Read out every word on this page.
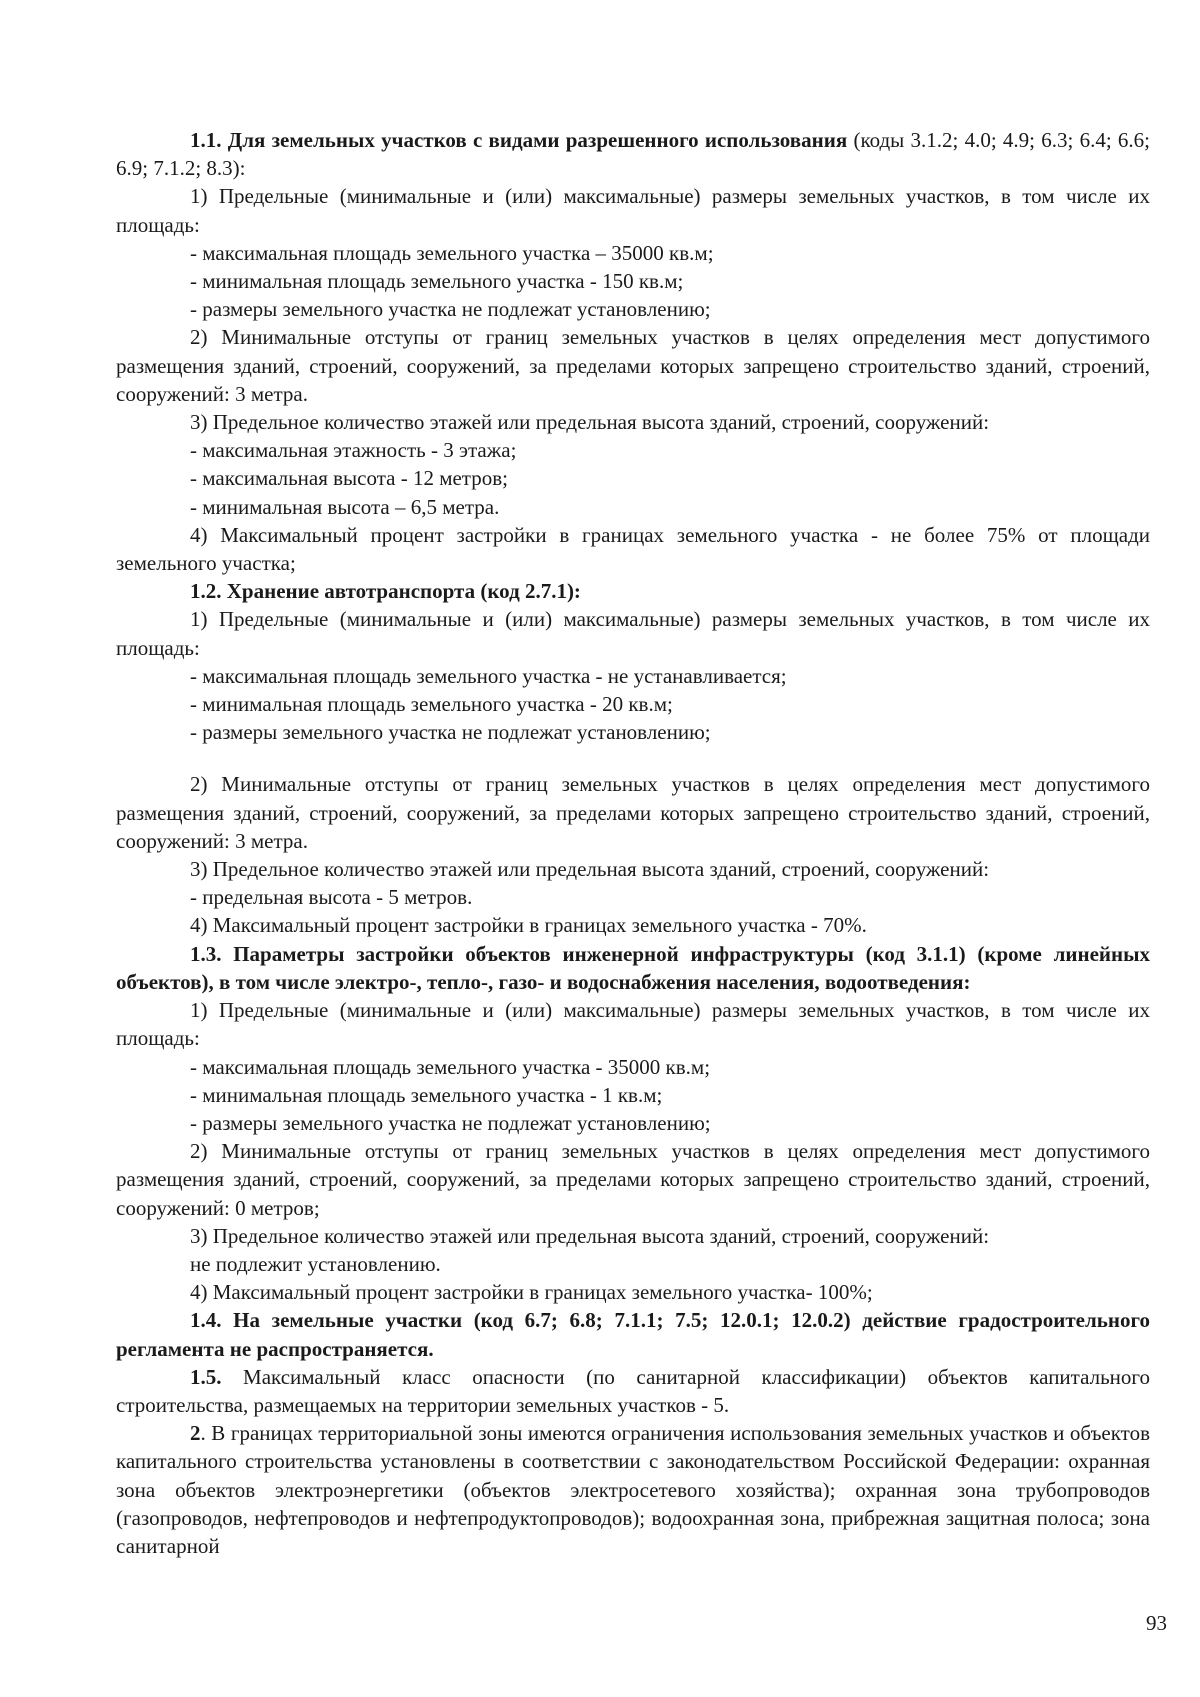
1.1. Для земельных участков с видами разрешенного использования (коды 3.1.2; 4.0; 4.9; 6.3; 6.4; 6.6; 6.9; 7.1.2; 8.3):

1) Предельные (минимальные и (или) максимальные) размеры земельных участков, в том числе их площадь:

- максимальная площадь земельного участка – 35000 кв.м;

- минимальная площадь земельного участка - 150 кв.м;

- размеры земельного участка не подлежат установлению;

2) Минимальные отступы от границ земельных участков в целях определения мест допустимого размещения зданий, строений, сооружений, за пределами которых запрещено строительство зданий, строений, сооружений: 3 метра.

3) Предельное количество этажей или предельная высота зданий, строений, сооружений:

- максимальная этажность - 3 этажа;

- максимальная высота - 12 метров;

- минимальная высота – 6,5 метра.

4) Максимальный процент застройки в границах земельного участка - не более 75% от площади земельного участка;

1.2. Хранение автотранспорта (код 2.7.1):

1) Предельные (минимальные и (или) максимальные) размеры земельных участков, в том числе их площадь:

- максимальная площадь земельного участка - не устанавливается;

- минимальная площадь земельного участка - 20 кв.м;

- размеры земельного участка не подлежат установлению;

2) Минимальные отступы от границ земельных участков в целях определения мест допустимого размещения зданий, строений, сооружений, за пределами которых запрещено строительство зданий, строений, сооружений: 3 метра.

3) Предельное количество этажей или предельная высота зданий, строений, сооружений:

- предельная высота - 5 метров.

4) Максимальный процент застройки в границах земельного участка - 70%.

1.3. Параметры застройки объектов инженерной инфраструктуры (код 3.1.1) (кроме линейных объектов), в том числе электро-, тепло-, газо- и водоснабжения населения, водоотведения:

1) Предельные (минимальные и (или) максимальные) размеры земельных участков, в том числе их площадь:

- максимальная площадь земельного участка - 35000 кв.м;

- минимальная площадь земельного участка - 1 кв.м;

- размеры земельного участка не подлежат установлению;

2) Минимальные отступы от границ земельных участков в целях определения мест допустимого размещения зданий, строений, сооружений, за пределами которых запрещено строительство зданий, строений, сооружений: 0 метров;

3) Предельное количество этажей или предельная высота зданий, строений, сооружений:

не подлежит установлению.

4) Максимальный процент застройки в границах земельного участка- 100%;

1.4. На земельные участки (код 6.7; 6.8; 7.1.1; 7.5; 12.0.1; 12.0.2) действие градостроительного регламента не распространяется.

1.5. Максимальный класс опасности (по санитарной классификации) объектов капитального строительства, размещаемых на территории земельных участков - 5.

2. В границах территориальной зоны имеются ограничения использования земельных участков и объектов капитального строительства установлены в соответствии с законодательством Российской Федерации: охранная зона объектов электроэнергетики (объектов электросетевого хозяйства); охранная зона трубопроводов (газопроводов, нефтепроводов и нефтепродуктопроводов); водоохранная зона, прибрежная защитная полоса; зона санитарной

93
